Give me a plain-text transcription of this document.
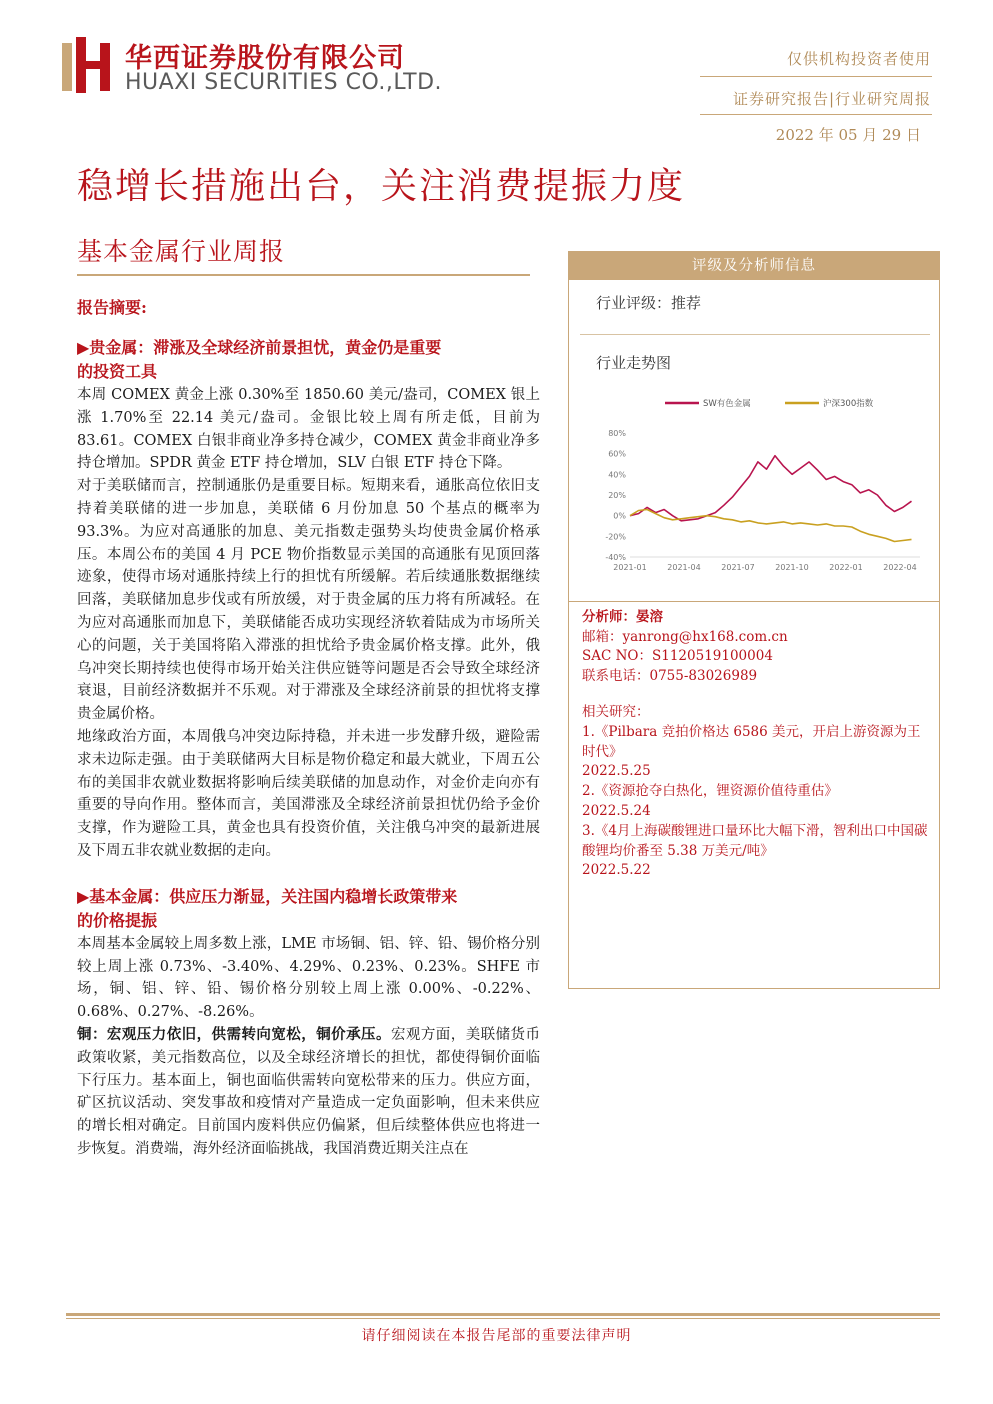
华西证券股份有限公司
HUAXI SECURITIES CO.,LTD.
仅供机构投资者使用
证券研究报告|行业研究周报
2022 年 05 月 29 日
稳增长措施出台，关注消费提振力度
基本金属行业周报

报告摘要:

▶贵金属：滞涨及全球经济前景担忧，黄金仍是重要

的投资工具

本周 COMEX 黄金上涨 0.30%至 1850.60 美元/盎司，COMEX 银上涨 1.70%至 22.14 美元/盎司。金银比较上周有所走低，目前为 83.61。COMEX 白银非商业净多持仓减少，COMEX 黄金非商业净多持仓增加。SPDR 黄金 ETF 持仓增加，SLV 白银 ETF 持仓下降。

对于美联储而言，控制通胀仍是重要目标。短期来看，通胀高位依旧支持着美联储的进一步加息，美联储 6 月份加息 50 个基点的概率为 93.3%。为应对高通胀的加息、美元指数走强势头均使贵金属价格承压。本周公布的美国 4 月 PCE 物价指数显示美国的高通胀有见顶回落迹象，使得市场对通胀持续上行的担忧有所缓解。若后续通胀数据继续回落，美联储加息步伐或有所放缓，对于贵金属的压力将有所减轻。在为应对高通胀而加息下，美联储能否成功实现经济软着陆成为市场所关心的问题，关于美国将陷入滞涨的担忧给予贵金属价格支撑。此外，俄乌冲突长期持续也使得市场开始关注供应链等问题是否会导致全球经济衰退，目前经济数据并不乐观。对于滞涨及全球经济前景的担忧将支撑贵金属价格。

地缘政治方面，本周俄乌冲突边际持稳，并未进一步发酵升级，避险需求未边际走强。由于美联储两大目标是物价稳定和最大就业，下周五公布的美国非农就业数据将影响后续美联储的加息动作，对金价走向亦有重要的导向作用。整体而言，美国滞涨及全球经济前景担忧仍给予金价支撑，作为避险工具，黄金也具有投资价值，关注俄乌冲突的最新进展及下周五非农就业数据的走向。

▶基本金属：供应压力渐显，关注国内稳增长政策带来

的价格提振

本周基本金属较上周多数上涨，LME 市场铜、铝、锌、铅、锡价格分别较上周上涨 0.73%、-3.40%、4.29%、0.23%、0.23%。SHFE 市场，铜、铝、锌、铅、锡价格分别较上周上涨 0.00%、-0.22%、0.68%、0.27%、-8.26%。

铜：宏观压力依旧，供需转向宽松，铜价承压。宏观方面，美联储货币政策收紧，美元指数高位，以及全球经济增长的担忧，都使得铜价面临下行压力。基本面上，铜也面临供需转向宽松带来的压力。供应方面，矿区抗议活动、突发事故和疫情对产量造成一定负面影响，但未来供应的增长相对确定。目前国内废料供应仍偏紧，但后续整体供应也将进一步恢复。消费端，海外经济面临挑战，我国消费近期关注点在

评级及分析师信息
行业评级：推荐
行业走势图
SW有色金属	沪深300指数
80%
60%
40%
20%
0%
-20%
-40%
2021-01	2021-04	2021-07	2021-10	2022-01	2022-04
分析师：晏溶
邮箱：yanrong@hx168.com.cn
SAC NO：S1120519100004
联系电话：0755-83026989
相关研究：
1.《Pilbara 竞拍价格达 6586 美元，开启上游资源为王时代》
2022.5.25
2.《资源抢夺白热化，锂资源价值待重估》
2022.5.24
3.《4月上海碳酸锂进口量环比大幅下滑，智利出口中国碳酸锂均价番至 5.38 万美元/吨》
2022.5.22
请仔细阅读在本报告尾部的重要法律声明
